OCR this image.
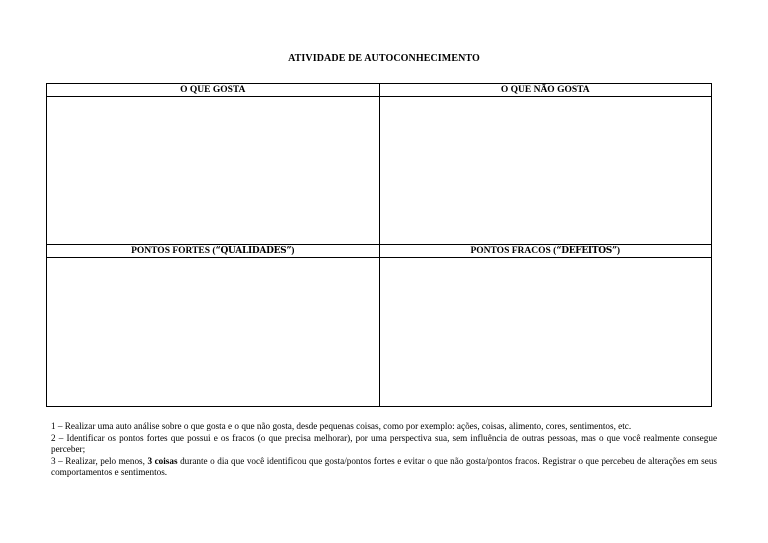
ATIVIDADE DE AUTOCONHECIMENTO
O QUE GOSTA	O QUE NÃO GOSTA

PONTOS FORTES (“QUALIDADES”)	PONTOS FRACOS (“DEFEITOS”)

1 – Realizar uma auto análise sobre o que gosta e o que não gosta, desde pequenas coisas, como por exemplo: ações, coisas, alimento, cores, sentimentos, etc.

2 – Identificar os pontos fortes que possui e os fracos (o que precisa melhorar), por uma perspectiva sua, sem influência de outras pessoas, mas o que você realmente consegue perceber;

3 – Realizar, pelo menos, 3 coisas durante o dia que você identificou que gosta/pontos fortes e evitar o que não gosta/pontos fracos. Registrar o que percebeu de alterações em seus comportamentos e sentimentos.
